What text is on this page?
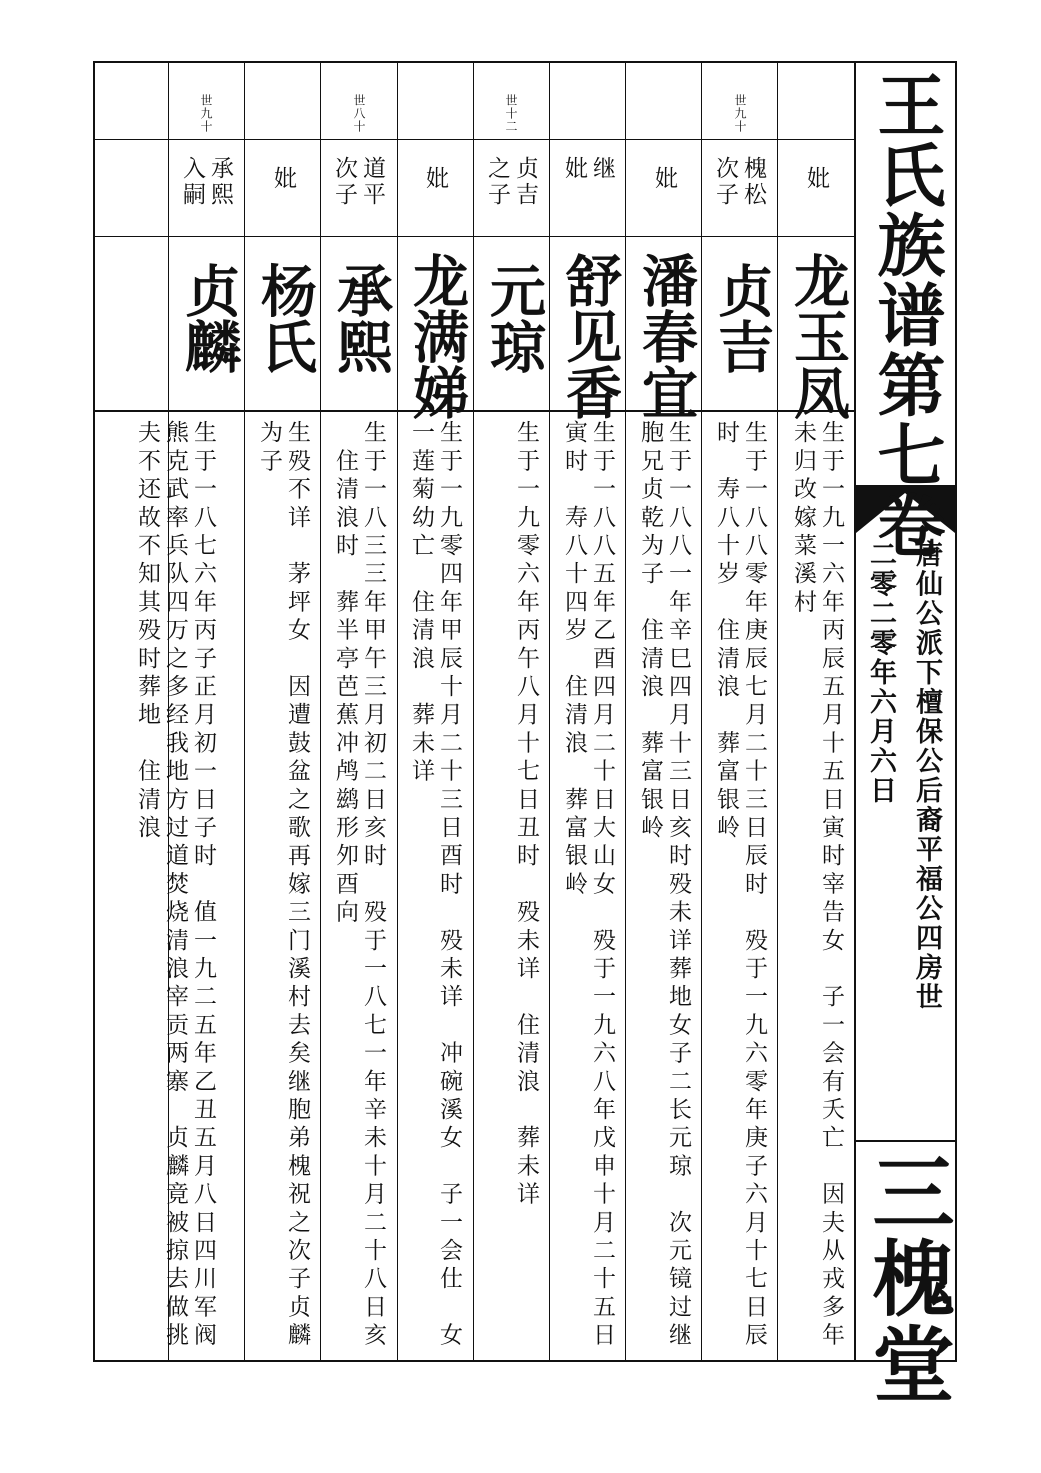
王氏族谱第七卷
唐仙公派下檀保公后裔平福公四房世
二零二零年六月六日
三槐堂
妣
龙玉凤
生于一九一六年丙辰五月十五日寅时宰告女　子一会有夭亡　因夫从戎多年
未归改嫁菜溪村
世九十
槐松
次子
贞吉
生于一八八零年庚辰七月二十三日辰时　殁于一九六零年庚子六月十七日辰
时　寿八十岁　住清浪　葬富银岭
妣
潘春宜
生于一八八一年辛巳四月十三日亥时殁未详葬地女子二长元琼　次元镜过继
胞兄贞乾为子　住清浪　葬富银岭
继
妣
舒见香
生于一八八五年乙酉四月二十日大山女　殁于一九六八年戊申十月二十五日
寅时　寿八十四岁　住清浪　葬富银岭
世十二
贞吉
之子
元琼
生于一九零六年丙午八月十七日丑时　殁未详　住清浪　葬未详
妣
龙满娣
生于一九零四年甲辰十月二十三日酉时　殁未详　冲碗溪女　子一会仕　女
一莲菊幼亡　住清浪　葬未详
世八十
道平
次子
承熙
生于一八三三年甲午三月初二日亥时　殁于一八七一年辛未十月二十八日亥
　住清浪时　葬半亭芭蕉冲鸬鹚形夘酉向
妣
杨氏
生殁不详　茅坪女　因遭鼓盆之歌再嫁三门溪村去矣继胞弟槐祝之次子贞麟
为子
世九十
承熙
入嗣
贞麟
生于一八七六年丙子正月初一日子时　值一九二五年乙丑五月八日四川军阀
熊克武率兵队四万之多经我地方过道焚烧清浪宰贡两寨　贞麟竟被掠去做挑
夫不还故不知其殁时葬地　住清浪
